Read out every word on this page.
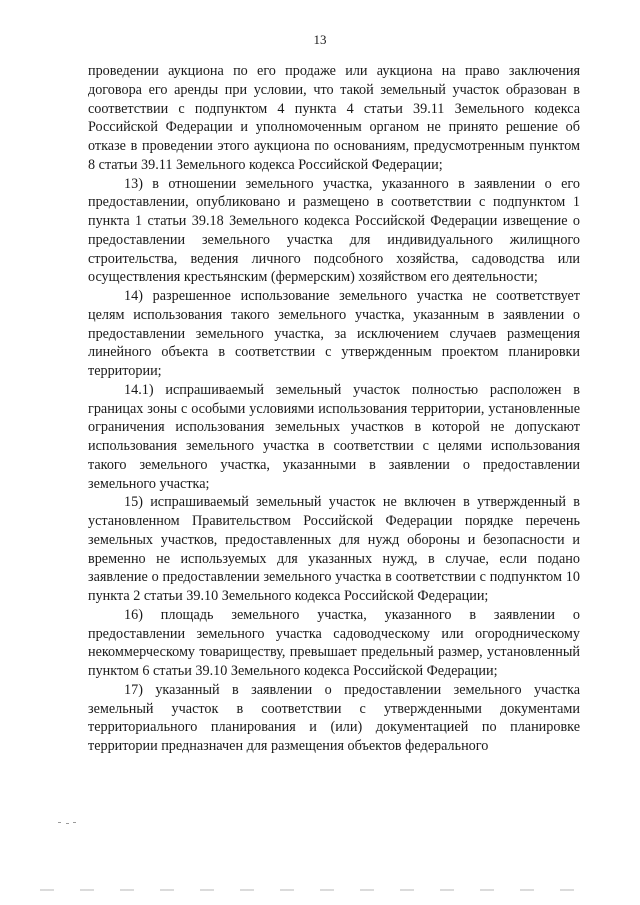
13

проведении аукциона по его продаже или аукциона на право заключения договора его аренды при условии, что такой земельный участок образован в соответствии с подпунктом 4 пункта 4 статьи 39.11 Земельного кодекса Российской Федерации и уполномоченным органом не принято решение об отказе в проведении этого аукциона по основаниям, предусмотренным пунктом 8 статьи 39.11 Земельного кодекса Российской Федерации;

13) в отношении земельного участка, указанного в заявлении о его предоставлении, опубликовано и размещено в соответствии с подпунктом 1 пункта 1 статьи 39.18 Земельного кодекса Российской Федерации извещение о предоставлении земельного участка для индивидуального жилищного строительства, ведения личного подсобного хозяйства, садоводства или осуществления крестьянским (фермерским) хозяйством его деятельности;

14) разрешенное использование земельного участка не соответствует целям использования такого земельного участка, указанным в заявлении о предоставлении земельного участка, за исключением случаев размещения линейного объекта в соответствии с утвержденным проектом планировки территории;

14.1) испрашиваемый земельный участок полностью расположен в границах зоны с особыми условиями использования территории, установленные ограничения использования земельных участков в которой не допускают использования земельного участка в соответствии с целями использования такого земельного участка, указанными в заявлении о предоставлении земельного участка;

15) испрашиваемый земельный участок не включен в утвержденный в установленном Правительством Российской Федерации порядке перечень земельных участков, предоставленных для нужд обороны и безопасности и временно не используемых для указанных нужд, в случае, если подано заявление о предоставлении земельного участка в соответствии с подпунктом 10 пункта 2 статьи 39.10 Земельного кодекса Российской Федерации;

16) площадь земельного участка, указанного в заявлении о предоставлении земельного участка садоводческому или огородническому некоммерческому товариществу, превышает предельный размер, установленный пунктом 6 статьи 39.10 Земельного кодекса Российской Федерации;

17) указанный в заявлении о предоставлении земельного участка земельный участок в соответствии с утвержденными документами территориального планирования и (или) документацией по планировке территории предназначен для размещения объектов федерального
